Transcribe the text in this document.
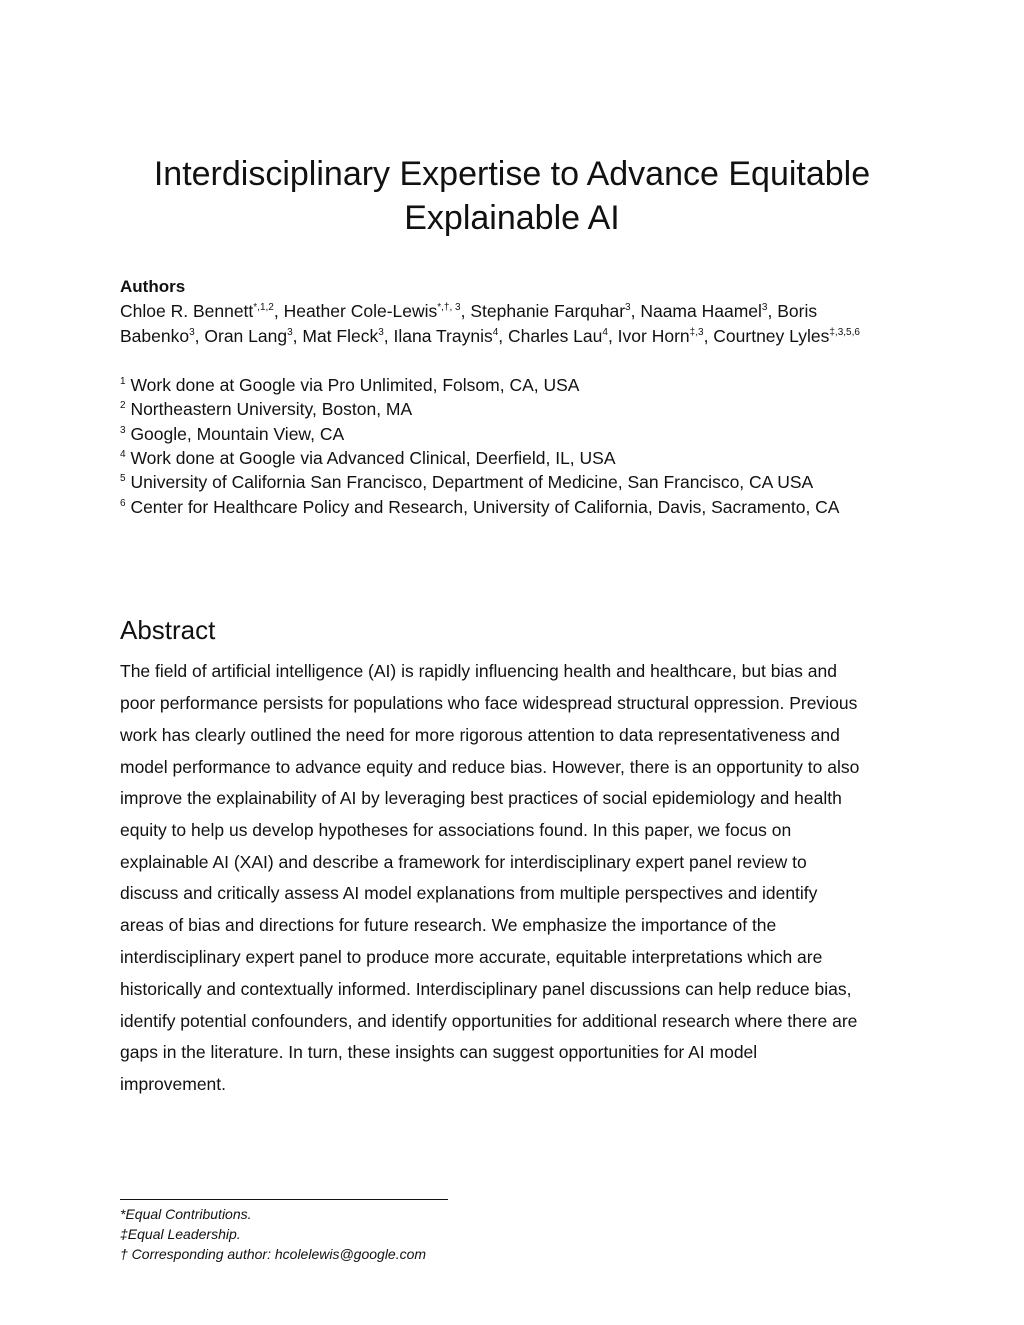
Interdisciplinary Expertise to Advance Equitable
Explainable AI
Authors
Chloe R. Bennett$^{*,1,2}$, Heather Cole-Lewis$^{*,\dagger, 3}$, Stephanie Farquhar$^3$, Naama Haamel$^3$, Boris
Babenko$^3$, Oran Lang$^3$, Mat Fleck$^3$, Ilana Traynis$^4$, Charles Lau$^4$, Ivor Horn$^{\ddagger,3}$, Courtney Lyles$^{\ddagger,3,5,6}$
$^1$ Work done at Google via Pro Unlimited, Folsom, CA, USA
$^2$ Northeastern University, Boston, MA
$^3$ Google, Mountain View, CA
$^4$ Work done at Google via Advanced Clinical, Deerfield, IL, USA
$^5$ University of California San Francisco, Department of Medicine, San Francisco, CA USA
$^6$ Center for Healthcare Policy and Research, University of California, Davis, Sacramento, CA
Abstract
The field of artificial intelligence (AI) is rapidly influencing health and healthcare, but bias and
poor performance persists for populations who face widespread structural oppression. Previous
work has clearly outlined the need for more rigorous attention to data representativeness and
model performance to advance equity and reduce bias. However, there is an opportunity to also
improve the explainability of AI by leveraging best practices of social epidemiology and health
equity to help us develop hypotheses for associations found. In this paper, we focus on
explainable AI (XAI) and describe a framework for interdisciplinary expert panel review to
discuss and critically assess AI model explanations from multiple perspectives and identify
areas of bias and directions for future research. We emphasize the importance of the
interdisciplinary expert panel to produce more accurate, equitable interpretations which are
historically and contextually informed. Interdisciplinary panel discussions can help reduce bias,
identify potential confounders, and identify opportunities for additional research where there are
gaps in the literature. In turn, these insights can suggest opportunities for AI model
improvement.
*Equal Contributions.
‡Equal Leadership.
† Corresponding author: hcolelewis@google.com
